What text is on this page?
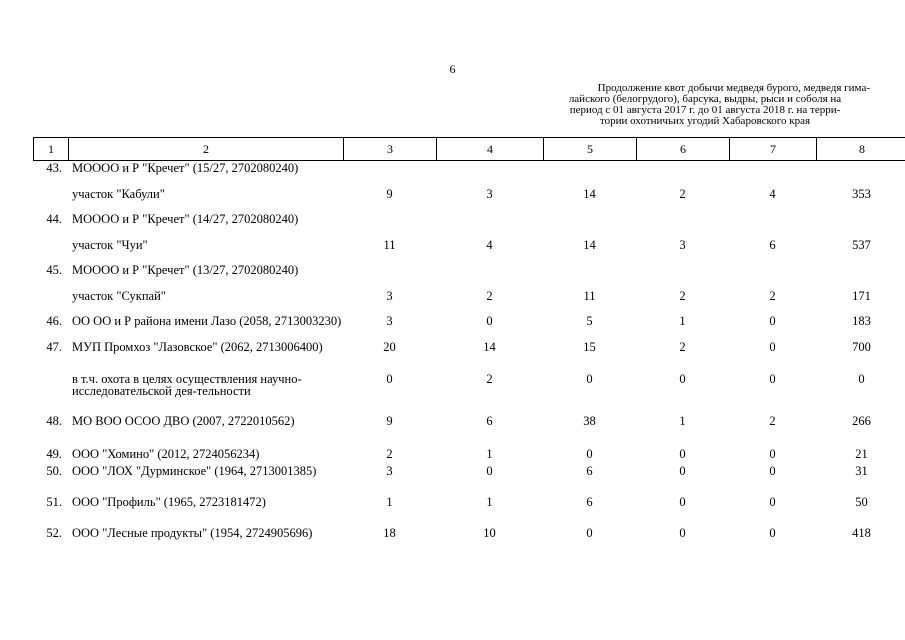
6
Продолжение квот добычи медведя бурого, медведя гима-
лайского (белогрудого), барсука, выдры, рыси и соболя на
период с 01 августа 2017 г. до 01 августа 2018 г. на терри-
тории охотничьих угодий Хабаровского края
1	2	3	4	5	6	7	8
43.	МОООО и Р "Кречет" (15/27, 2702080240)						
	участок "Кабули"	9	3	14	2	4	353
44.	МОООО и Р "Кречет" (14/27, 2702080240)						
	участок "Чуи"	11	4	14	3	6	537
45.	МОООО и Р "Кречет" (13/27, 2702080240)						
	участок "Сукпай"	3	2	11	2	2	171
46.	ОО ОО и Р района имени Лазо (2058, 2713003230)	3	0	5	1	0	183
47.	МУП Промхоз "Лазовское" (2062, 2713006400)	20	14	15	2	0	700
	в т.ч. охота в целях осуществления научно-исследовательской дея-тельности	0	2	0	0	0	0
48.	МО ВОО ОСОО ДВО (2007, 2722010562)	9	6	38	1	2	266
49.	ООО "Хомино" (2012, 2724056234)	2	1	0	0	0	21
50.	ООО "ЛОХ "Дурминское" (1964, 2713001385)	3	0	6	0	0	31
51.	ООО "Профиль" (1965, 2723181472)	1	1	6	0	0	50
52.	ООО "Лесные продукты" (1954, 2724905696)	18	10	0	0	0	418
